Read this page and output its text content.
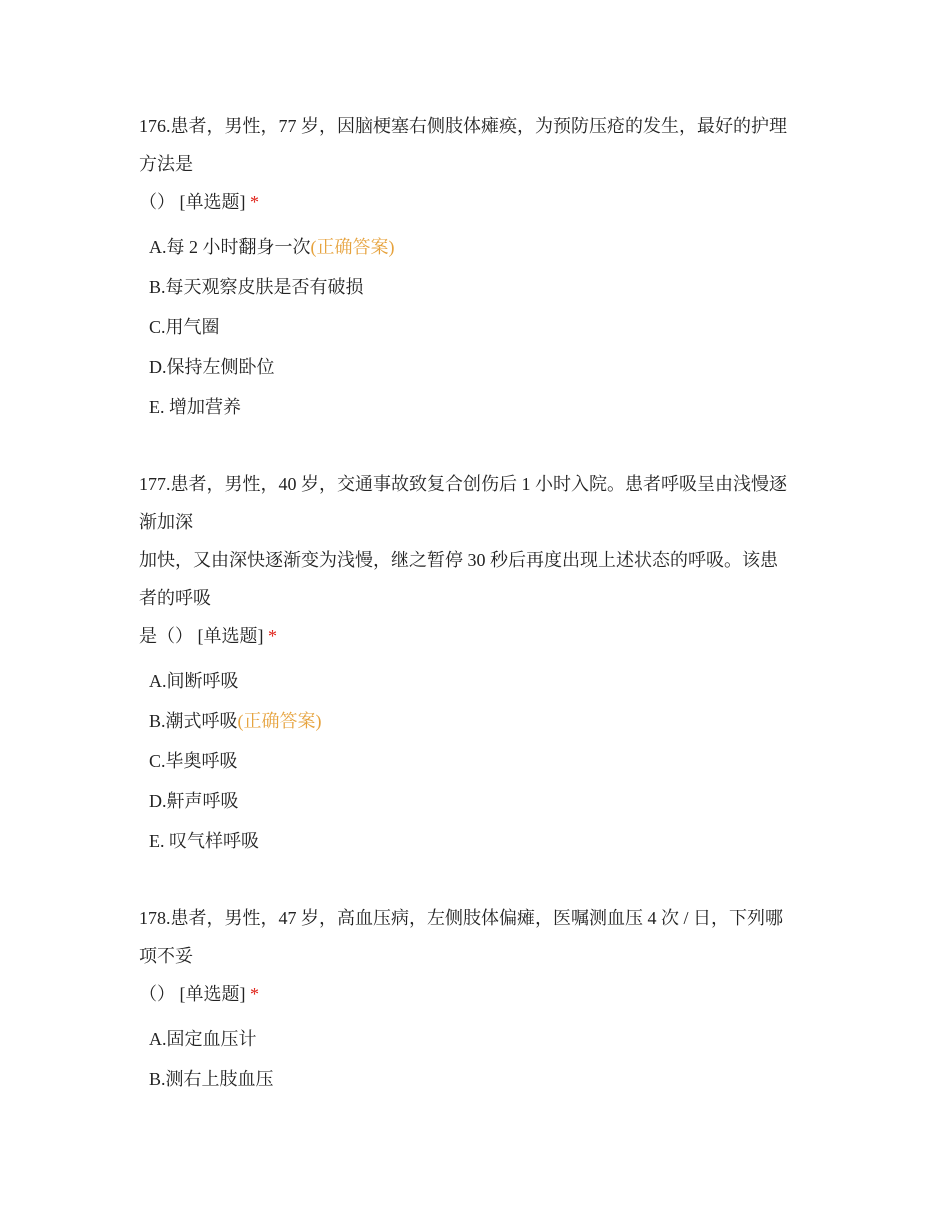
176.患者，男性，77 岁，因脑梗塞右侧肢体瘫痪，为预防压疮的发生，最好的护理
方法是
（） [单选题] *
A.每 2 小时翻身一次(正确答案)
B.每天观察皮肤是否有破损
C.用气圈
D.保持左侧卧位
E. 增加营养
177.患者，男性，40 岁，交通事故致复合创伤后 1 小时入院。患者呼吸呈由浅慢逐
渐加深
加快，又由深快逐渐变为浅慢，继之暂停 30 秒后再度出现上述状态的呼吸。该患
者的呼吸
是（） [单选题] *
A.间断呼吸
B.潮式呼吸(正确答案)
C.毕奥呼吸
D.鼾声呼吸
E. 叹气样呼吸
178.患者，男性，47 岁，高血压病，左侧肢体偏瘫，医嘱测血压 4 次 / 日，下列哪
项不妥
（） [单选题] *
A.固定血压计
B.测右上肢血压
